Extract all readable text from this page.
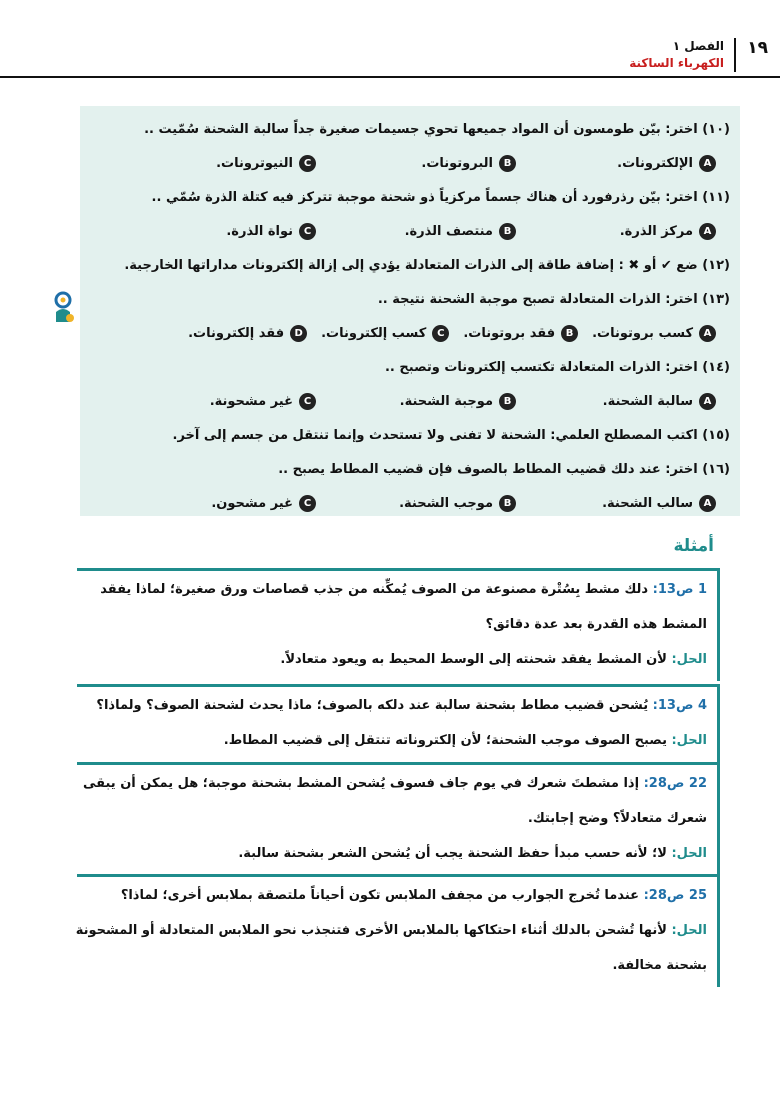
١٩
الفصل ١
الكهرباء الساكنة
(١٠)

اختر: بيّن طومسون أن المواد جميعها تحوي جسيمات صغيرة جداً سالبة الشحنة سُمّيت ..
A
الإلكترونات.
B
البروتونات.
C
النيوترونات.
(١١)

اختر: بيّن رذرفورد أن هناك جسماً مركزياً ذو شحنة موجبة تتركز فيه كتلة الذرة سُمّي ..
A
مركز الذرة.
B
منتصف الذرة.
C
نواة الذرة.
(١٢)

ضع ✔ أو ✖ : إضافة طاقة إلى الذرات المتعادلة يؤدي إلى إزالة إلكترونات مداراتها الخارجية.
(١٣)

اختر: الذرات المتعادلة تصبح موجبة الشحنة نتيجة ..
A
كسب بروتونات.
B
فقد بروتونات.
C
كسب إلكترونات.
D
فقد إلكترونات.
(١٤)

اختر: الذرات المتعادلة تكتسب إلكترونات وتصبح ..
A
سالبة الشحنة.
B
موجبة الشحنة.
C
غير مشحونة.
(١٥)

اكتب المصطلح العلمي: الشحنة لا تفنى ولا تستحدث وإنما تنتقل من جسم إلى آخر.
(١٦)

اختر: عند دلك قضيب المطاط بالصوف فإن قضيب المطاط يصبح ..
A
سالب الشحنة.
B
موجب الشحنة.
C
غير مشحون.
أمثلة
1 ص13: دلك مشط بِسُتْرة مصنوعة من الصوف يُمكِّنه من جذب قصاصات ورق صغيرة؛ لماذا يفقد
المشط هذه القدرة بعد عدة دقائق؟
الحل: لأن المشط يفقد شحنته إلى الوسط المحيط به ويعود متعادلاً.
4 ص13: يُشحن قضيب مطاط بشحنة سالبة عند دلكه بالصوف؛ ماذا يحدث لشحنة الصوف؟ ولماذا؟
الحل: يصبح الصوف موجب الشحنة؛ لأن إلكتروناته تنتقل إلى قضيب المطاط.
22 ص28: إذا مشطتَ شعرك في يوم جاف فسوف يُشحن المشط بشحنة موجبة؛ هل يمكن أن يبقى
شعرك متعادلاً؟ وضح إجابتك.
الحل: لا؛ لأنه حسب مبدأ حفظ الشحنة يجب أن يُشحن الشعر بشحنة سالبة.
25 ص28: عندما تُخرج الجوارب من مجفف الملابس تكون أحياناً ملتصقة بملابس أخرى؛ لماذا؟
الحل: لأنها تُشحن بالدلك أثناء احتكاكها بالملابس الأخرى فتنجذب نحو الملابس المتعادلة أو المشحونة
بشحنة مخالفة.
